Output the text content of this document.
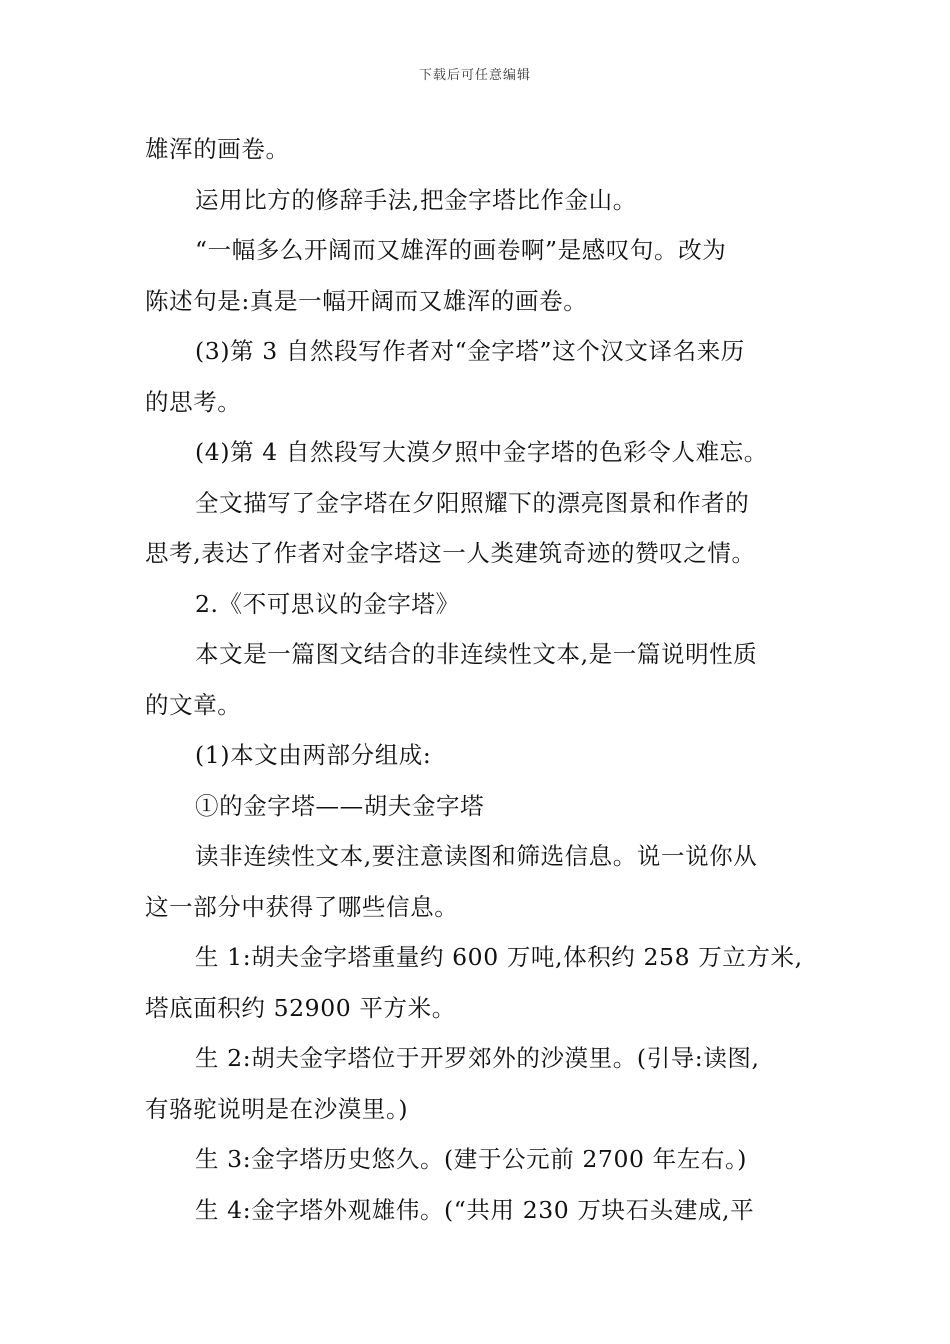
下载后可任意编辑
雄浑的画卷。
运用比方的修辞手法,把金字塔比作金山。
“一幅多么开阔而又雄浑的画卷啊”是感叹句。改为
陈述句是:真是一幅开阔而又雄浑的画卷。
(3)第 3 自然段写作者对“金字塔”这个汉文译名来历
的思考。
(4)第 4 自然段写大漠夕照中金字塔的色彩令人难忘。
全文描写了金字塔在夕阳照耀下的漂亮图景和作者的
思考,表达了作者对金字塔这一人类建筑奇迹的赞叹之情。
2.《不可思议的金字塔》
本文是一篇图文结合的非连续性文本,是一篇说明性质
的文章。
(1)本文由两部分组成:
①的金字塔——胡夫金字塔
读非连续性文本,要注意读图和筛选信息。说一说你从
这一部分中获得了哪些信息。
生 1:胡夫金字塔重量约 600 万吨,体积约 258 万立方米,
塔底面积约 52900 平方米。
生 2:胡夫金字塔位于开罗郊外的沙漠里。(引导:读图,
有骆驼说明是在沙漠里。)
生 3:金字塔历史悠久。(建于公元前 2700 年左右。)
生 4:金字塔外观雄伟。(“共用 230 万块石头建成,平
